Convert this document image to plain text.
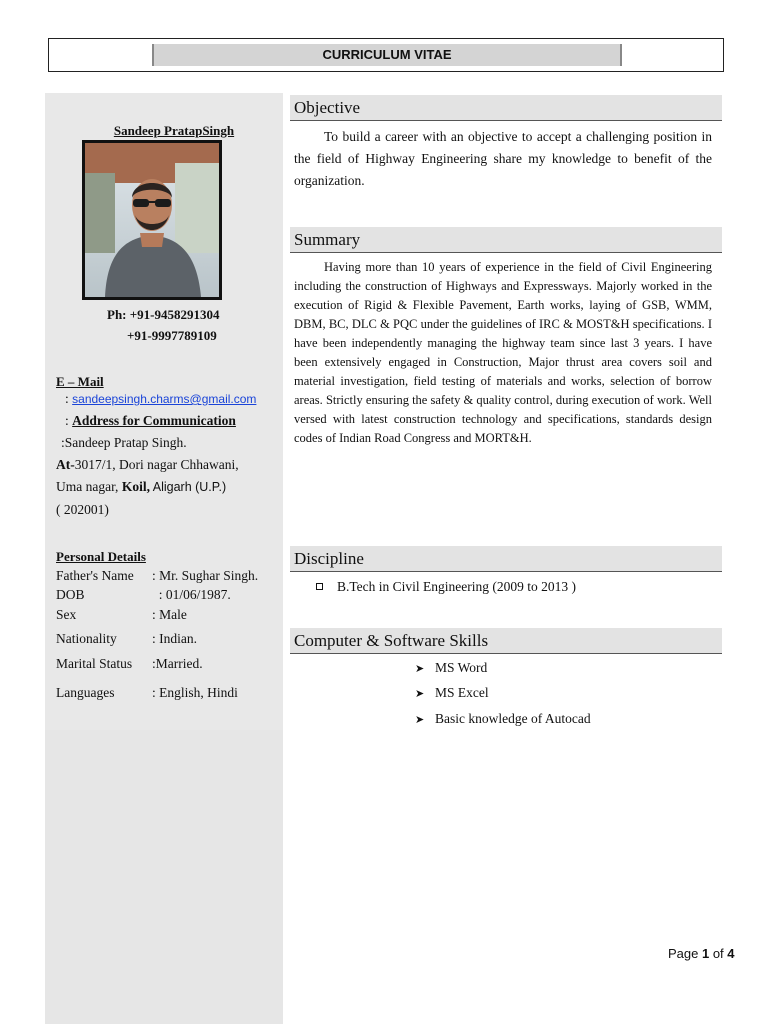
CURRICULUM VITAE
Sandeep PratapSingh
Ph: +91-9458291304
+91-9997789109
E – Mail
: sandeepsingh.charms@gmail.com
: Address for Communication
:Sandeep Pratap Singh.
At-3017/1, Dori nagar Chhawani,
Uma nagar, Koil, Aligarh (U.P.)
( 202001)
Personal Details
Father's Name : Mr. Sughar Singh.
DOB	: 01/06/1987.
Sex	: Male
Nationality	: Indian.
Marital Status :Married.
Languages	: English, Hindi
Objective
To build a career with an objective to accept a challenging position in the field of Highway Engineering share my knowledge to benefit of the organization.
Summary
Having more than 10 years of experience in the field of Civil Engineering including the construction of Highways and Expressways. Majorly worked in the execution of Rigid & Flexible Pavement, Earth works, laying of GSB, WMM, DBM, BC, DLC & PQC under the guidelines of IRC & MOST&H specifications. I have been independently managing the highway team since last 3 years. I have been extensively engaged in Construction, Major thrust area covers soil and material investigation, field testing of materials and works, selection of borrow areas. Strictly ensuring the safety & quality control, during execution of work. Well versed with latest construction technology and specifications, standards design codes of Indian Road Congress and MORT&H.
Discipline
B.Tech in Civil Engineering (2009 to 2013 )
Computer & Software Skills
➤ MS Word
➤ MS Excel
➤ Basic knowledge of Autocad
Page 1 of 4
